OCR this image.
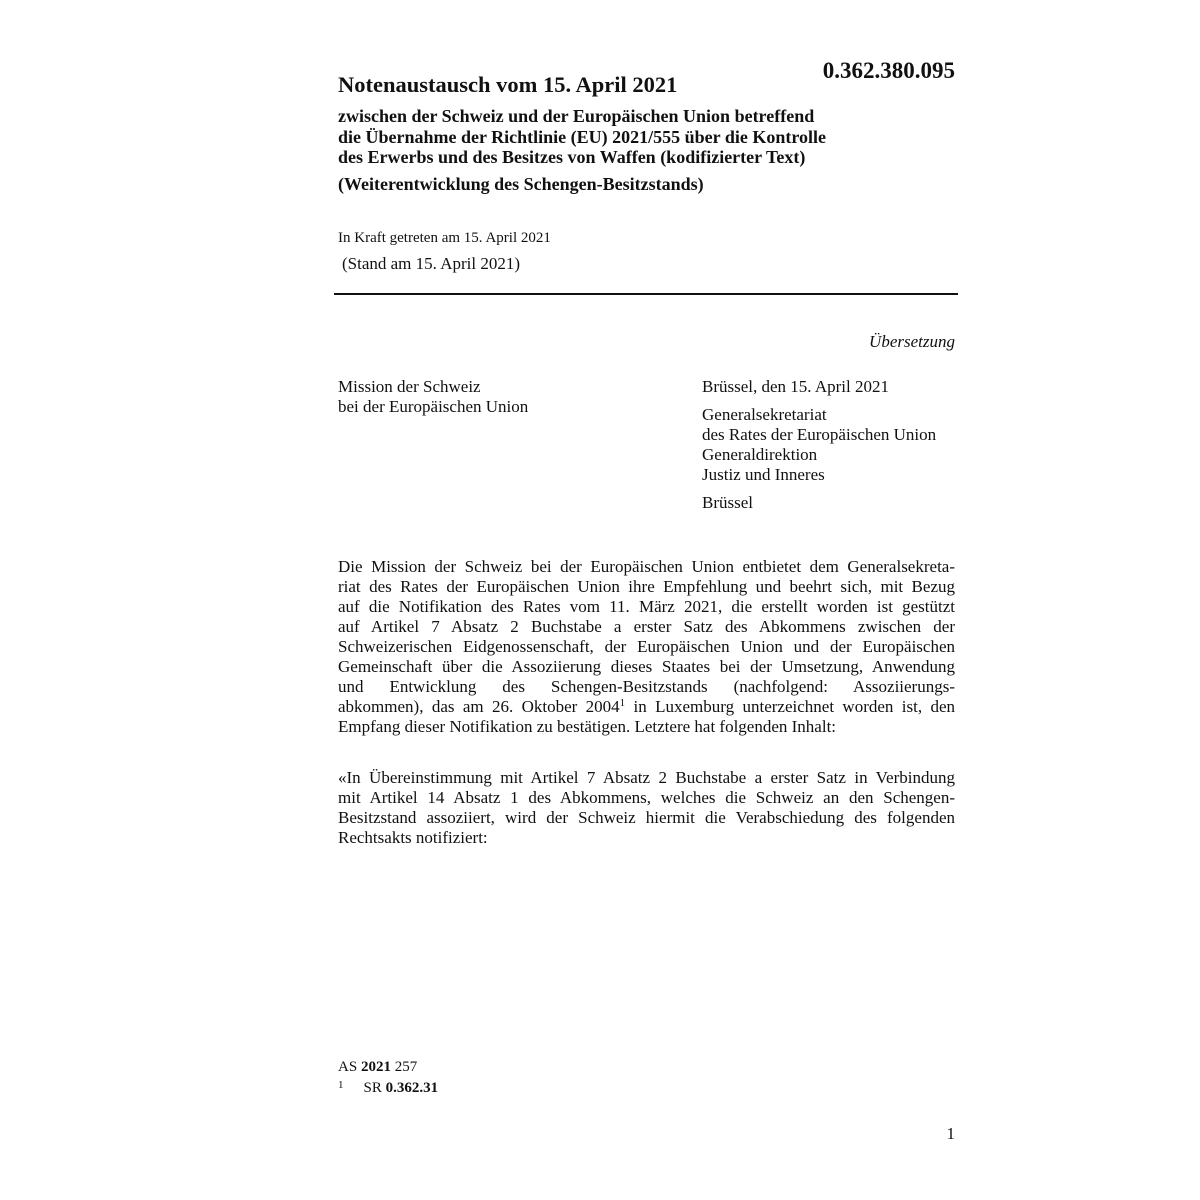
0.362.380.095
Notenaustausch vom 15. April 2021
zwischen der Schweiz und der Europäischen Union betreffend
die Übernahme der Richtlinie (EU) 2021/555 über die Kontrolle
des Erwerbs und des Besitzes von Waffen (kodifizierter Text)
(Weiterentwicklung des Schengen-Besitzstands)
In Kraft getreten am 15. April 2021
(Stand am 15. April 2021)
Übersetzung
Mission der Schweiz
bei der Europäischen Union
Brüssel, den 15. April 2021
Generalsekretariat
des Rates der Europäischen Union
Generaldirektion
Justiz und Inneres
Brüssel
Die Mission der Schweiz bei der Europäischen Union entbietet dem Generalsekreta-
riat des Rates der Europäischen Union ihre Empfehlung und beehrt sich, mit Bezug
auf die Notifikation des Rates vom 11. März 2021, die erstellt worden ist gestützt
auf Artikel 7 Absatz 2 Buchstabe a erster Satz des Abkommens zwischen der
Schweizerischen Eidgenossenschaft, der Europäischen Union und der Europäischen
Gemeinschaft über die Assoziierung dieses Staates bei der Umsetzung, Anwendung
und Entwicklung des Schengen-Besitzstands (nachfolgend: Assoziierungs-
abkommen), das am 26. Oktober 2004$^1$ in Luxemburg unterzeichnet worden ist, den
Empfang dieser Notifikation zu bestätigen. Letztere hat folgenden Inhalt:
«In Übereinstimmung mit Artikel 7 Absatz 2 Buchstabe a erster Satz in Verbindung
mit Artikel 14 Absatz 1 des Abkommens, welches die Schweiz an den Schengen-
Besitzstand assoziiert, wird der Schweiz hiermit die Verabschiedung des folgenden
Rechtsakts notifiziert:
AS 2021 257
$^1$ SR 0.362.31
1
